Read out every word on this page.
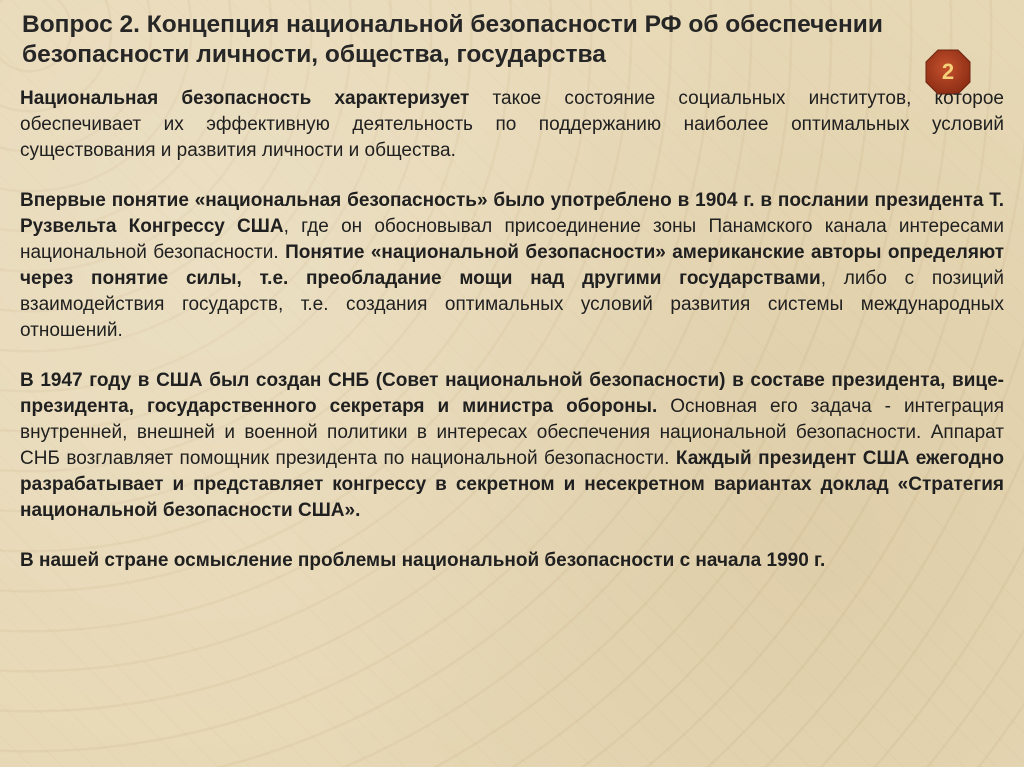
Вопрос 2. Концепция национальной безопасности РФ об обеспечении безопасности личности, общества, государства
2

Национальная безопасность характеризует такое состояние социальных институтов, которое обеспечивает их эффективную деятельность по поддержанию наиболее оптимальных условий существования и развития личности и общества.

Впервые понятие «национальная безопасность» было употреблено в 1904 г. в послании президента Т. Рузвельта Конгрессу США, где он обосновывал присоединение зоны Панамского канала интересами национальной безопасности. Понятие «национальной безопасности» американские авторы определяют через понятие силы, т.е. преобладание мощи над другими государствами, либо с позиций взаимодействия государств, т.е. создания оптимальных условий развития системы международных отношений.

В 1947 году в США был создан СНБ (Совет национальной безопасности) в составе президента, вице-президента, государственного секретаря и министра обороны. Основная его задача - интеграция внутренней, внешней и военной политики в интересах обеспечения национальной безопасности. Аппарат СНБ возглавляет помощник президента по национальной безопасности. Каждый президент США ежегодно разрабатывает и представляет конгрессу в секретном и несекретном вариантах доклад «Стратегия национальной безопасности США».

В нашей стране осмысление проблемы национальной безопасности с начала 1990 г.
